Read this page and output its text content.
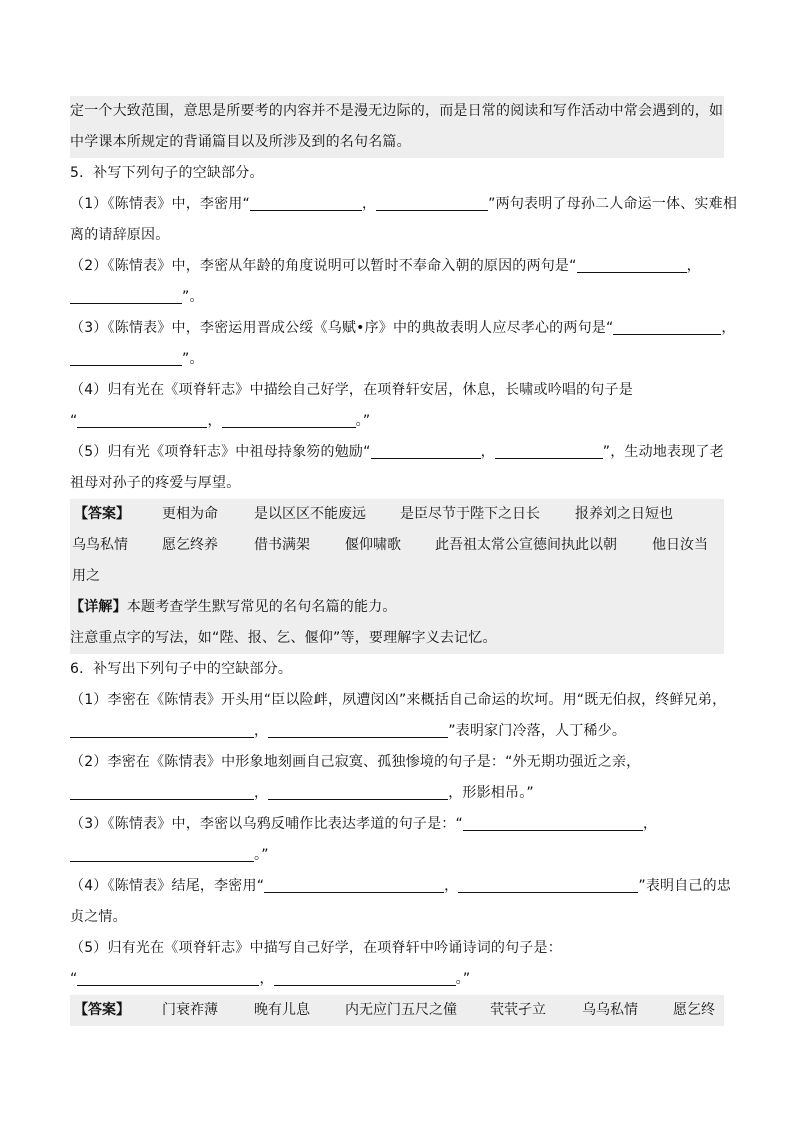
定一个大致范围，意思是所要考的内容并不是漫无边际的，而是日常的阅读和写作活动中常会遇到的，如
中学课本所规定的背诵篇目以及所涉及到的名句名篇。
5．补写下列句子的空缺部分。
（1）《陈情表》中，李密用“	，	”两句表明了母孙二人命运一体、实难相
离的请辞原因。
（2）《陈情表》中，李密从年龄的角度说明可以暂时不奉命入朝的原因的两句是“	，
”。
（3）《陈情表》中，李密运用晋成公绥《乌赋•序》中的典故表明人应尽孝心的两句是“	，
”。
（4）归有光在《项脊轩志》中描绘自己好学，在项脊轩安居，休息，长啸或吟唱的句子是
“	，	。”
（5）归有光《项脊轩志》中祖母持象笏的勉励“	，	”，生动地表现了老
祖母对孙子的疼爱与厚望。
【答案】 更相为命	是以区区不能废远 是臣尽节于陛下之日长	报养刘之日短也
乌鸟私情 愿乞终养	借书满架	偃仰啸歌 此吾祖太常公宣德间执此以朝	他日汝当
用之
【详解】本题考查学生默写常见的名句名篇的能力。
注意重点字的写法，如“陛、报、乞、偃仰”等，要理解字义去记忆。
6．补写出下列句子中的空缺部分。
（1）李密在《陈情表》开头用“臣以险衅，夙遭闵凶”来概括自己命运的坎坷。用“既无伯叔，终鲜兄弟，
，	”表明家门冷落，人丁稀少。
（2）李密在《陈情表》中形象地刻画自己寂寞、孤独惨境的句子是：“外无期功强近之亲，
，	，形影相吊。”
（3）《陈情表》中，李密以乌鸦反哺作比表达孝道的句子是：“	，
。”
（4）《陈情表》结尾，李密用“	，	”表明自己的忠
贞之情。
（5）归有光在《项脊轩志》中描写自己好学，在项脊轩中吟诵诗词的句子是：
“	，	。”
【答案】 门衰祚薄	晚有儿息	内无应门五尺之僮 茕茕孑立	乌乌私情	愿乞终
